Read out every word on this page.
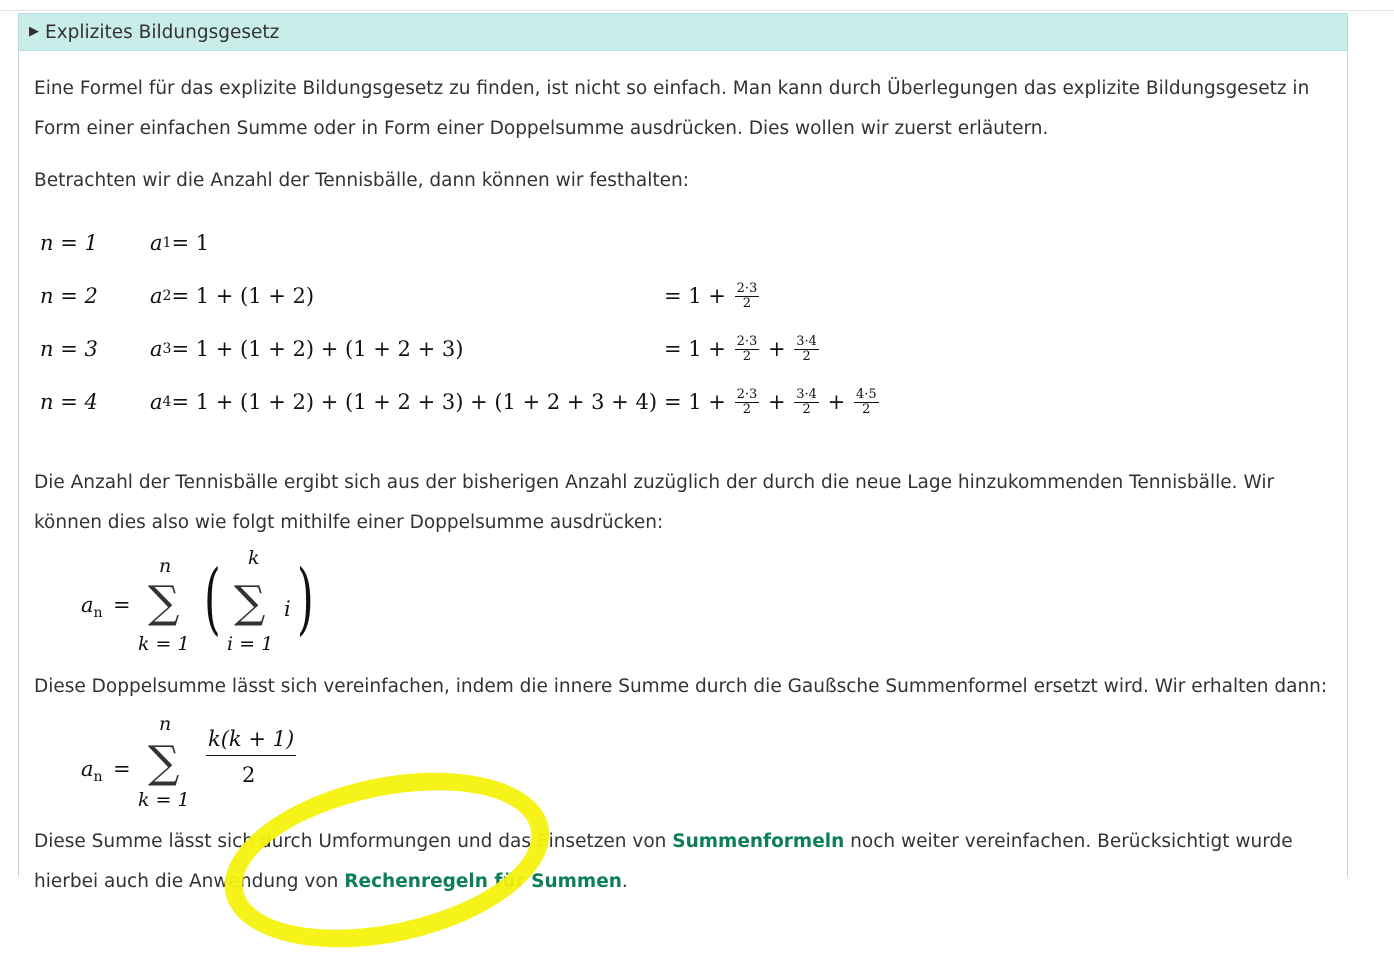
▶ Explizites Bildungsgesetz

Eine Formel für das explizite Bildungsgesetz zu finden, ist nicht so einfach. Man kann durch Überlegungen das explizite Bildungsgesetz in Form einer einfachen Summe oder in Form einer Doppelsumme ausdrücken. Dies wollen wir zuerst erläutern.

Betrachten wir die Anzahl der Tennisbälle, dann können wir festhalten:

n = 1 a 1 = 1
n = 2 a 2 = 1 + (1 + 2)	= 1 +
$\frac{2\cdot 3}{2}$
n = 3 a 3 = 1 + (1 + 2) + (1 + 2 + 3)	= 1 +
$\frac{2\cdot 3}{2}$
+
$\frac{3\cdot 4}{2}$
n = 4 a 4 = 1 + (1 + 2) + (1 + 2 + 3) + (1 + 2 + 3 + 4) = 1 +
$\frac{2\cdot 3}{2}$
+
$\frac{3\cdot 4}{2}$
+
$\frac{4\cdot 5}{2}$

Die Anzahl der Tennisbälle ergibt sich aus der bisherigen Anzahl zuzüglich der durch die neue Lage hinzukommenden Tennisbälle. Wir können dies also wie folgt mithilfe einer Doppelsumme ausdrücken:

$a_n$ =
n
∑
k = 1 ( k
∑
i = 1
i )

Diese Doppelsumme lässt sich vereinfachen, indem die innere Summe durch die Gaußsche Summenformel ersetzt wird. Wir erhalten dann:

$a_n$ =
n
∑
k = 1
k(k + 1)
2

Diese Summe lässt sich durch Umformungen und das Einsetzen von Summenformeln noch weiter vereinfachen. Berücksichtigt wurde hierbei auch die Anwendung von Rechenregeln für Summen.
